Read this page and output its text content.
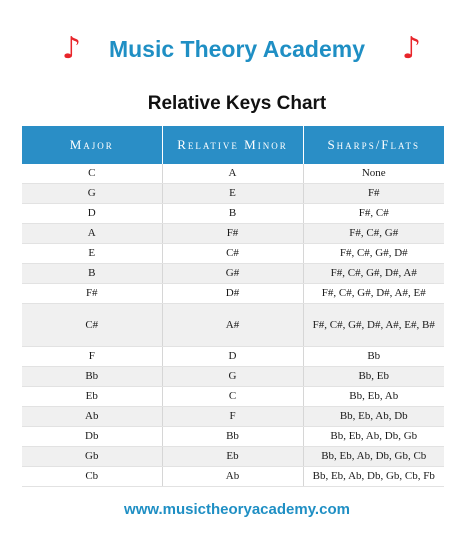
♪	Music Theory Academy	♪
Relative Keys Chart
Major	Relative Minor	Sharps/Flats
C	A	None
G	E	F#
D	B	F#, C#
A	F#	F#, C#, G#
E	C#	F#, C#, G#, D#
B	G#	F#, C#, G#, D#, A#
F#	D#	F#, C#, G#, D#, A#, E#
C#	A#	F#, C#, G#, D#, A#, E#, B#
F	D	Bb
Bb	G	Bb, Eb
Eb	C	Bb, Eb, Ab
Ab	F	Bb, Eb, Ab, Db
Db	Bb	Bb, Eb, Ab, Db, Gb
Gb	Eb	Bb, Eb, Ab, Db, Gb, Cb
Cb	Ab	Bb, Eb, Ab, Db, Gb, Cb, Fb
www.musictheoryacademy.com
